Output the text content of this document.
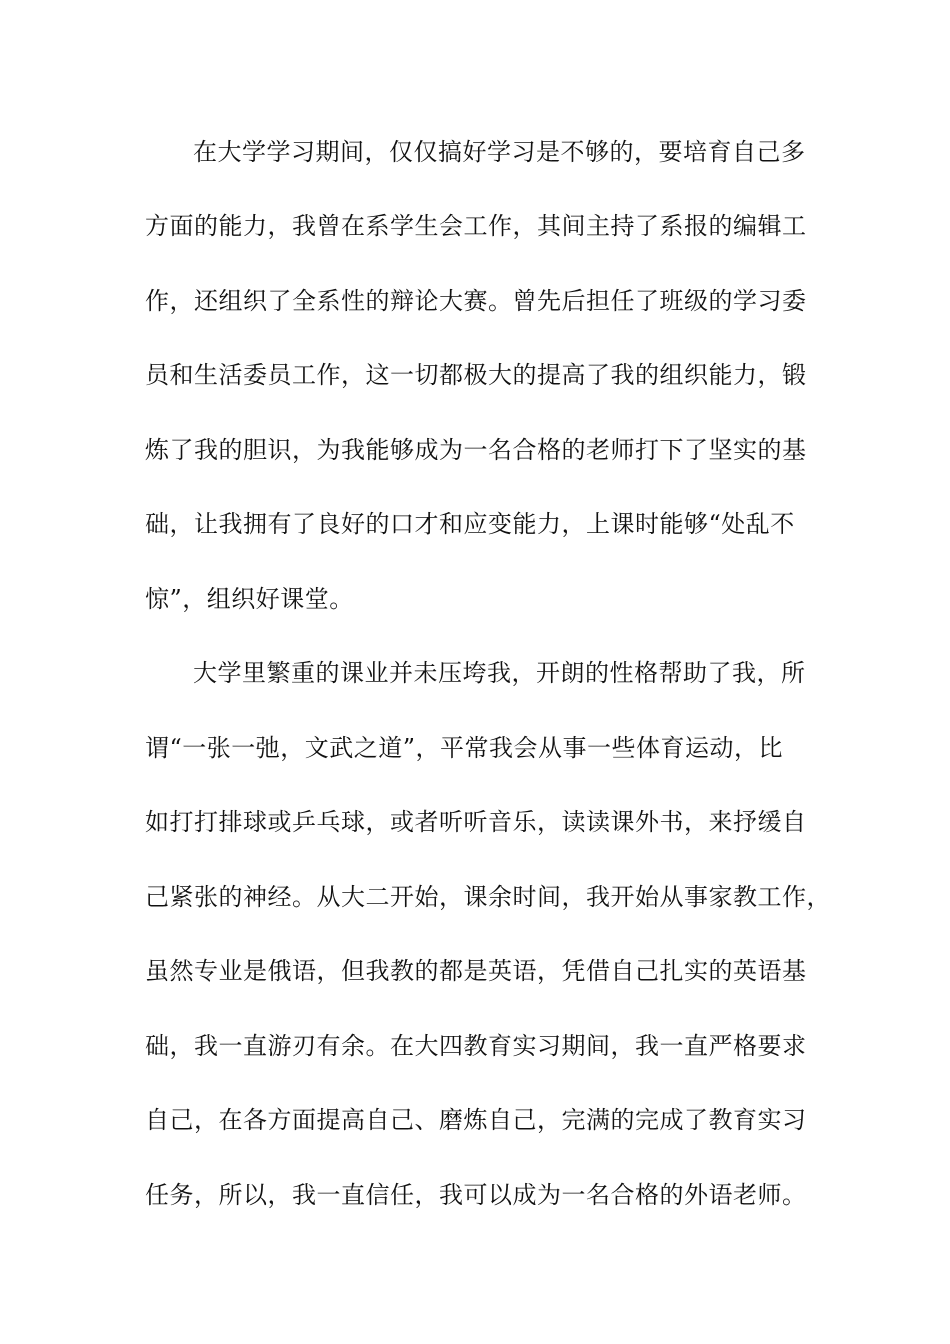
在大学学习期间，仅仅搞好学习是不够的，要培育自己多
方面的能力，我曾在系学生会工作，其间主持了系报的编辑工
作，还组织了全系性的辩论大赛。曾先后担任了班级的学习委
员和生活委员工作，这一切都极大的提高了我的组织能力，锻
炼了我的胆识，为我能够成为一名合格的老师打下了坚实的基
础，让我拥有了良好的口才和应变能力，上课时能够“处乱不
惊”，组织好课堂。
大学里繁重的课业并未压垮我，开朗的性格帮助了我，所
谓“一张一弛，文武之道”，平常我会从事一些体育运动，比
如打打排球或乒乓球，或者听听音乐，读读课外书，来抒缓自
己紧张的神经。从大二开始，课余时间，我开始从事家教工作，
虽然专业是俄语，但我教的都是英语，凭借自己扎实的英语基
础，我一直游刃有余。在大四教育实习期间，我一直严格要求
自己，在各方面提高自己、磨炼自己，完满的完成了教育实习
任务，所以，我一直信任，我可以成为一名合格的外语老师。
